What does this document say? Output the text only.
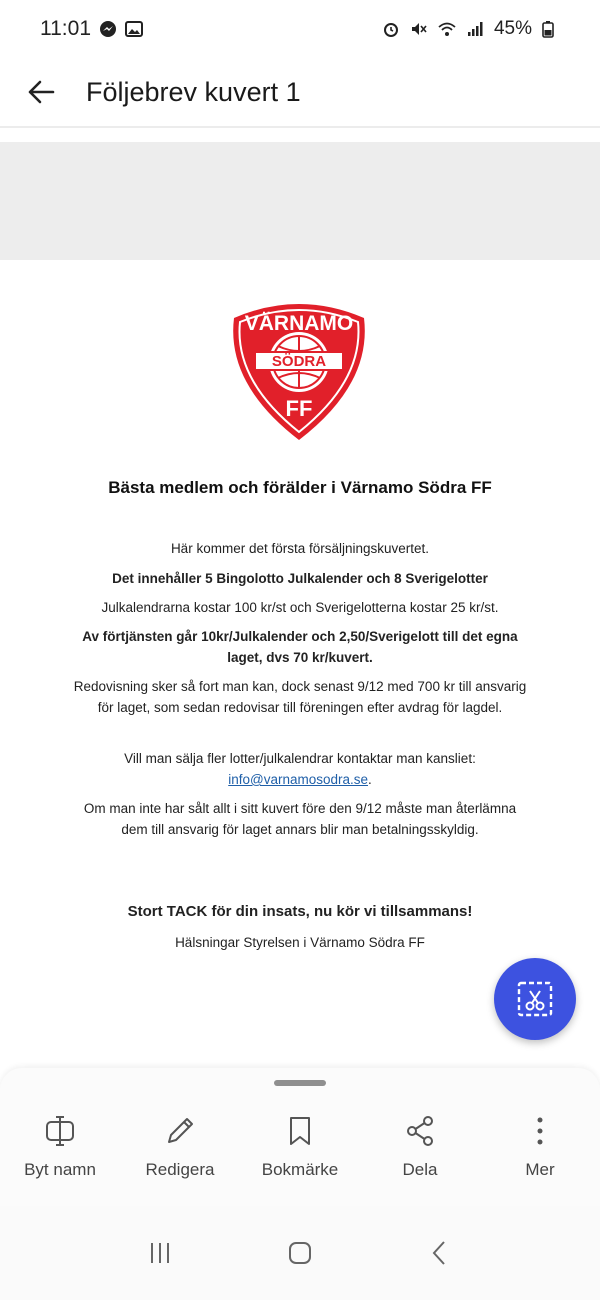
11:01	45%
Följebrev kuvert 1
VÄRNAMO
SÖDRA
FF
Bästa medlem och förälder i Värnamo Södra FF
Här kommer det första försäljningskuvertet.
Det innehåller 5 Bingolotto Julkalender och 8 Sverigelotter
Julkalendrarna kostar 100 kr/st och Sverigelotterna kostar 25 kr/st.
Av förtjänsten går 10kr/Julkalender och 2,50/Sverigelott till det egna laget, dvs 70 kr/kuvert.
Redovisning sker så fort man kan, dock senast 9/12 med 700 kr till ansvarig för laget, som sedan redovisar till föreningen efter avdrag för lagdel.
Vill man sälja fler lotter/julkalendrar kontaktar man kansliet:
info@varnamosodra.se.
Om man inte har sålt allt i sitt kuvert före den 9/12 måste man återlämna dem till ansvarig för laget annars blir man betalningsskyldig.
Stort TACK för din insats, nu kör vi tillsammans!
Hälsningar Styrelsen i Värnamo Södra FF
Byt namn	Redigera	Bokmärke	Dela	Mer
